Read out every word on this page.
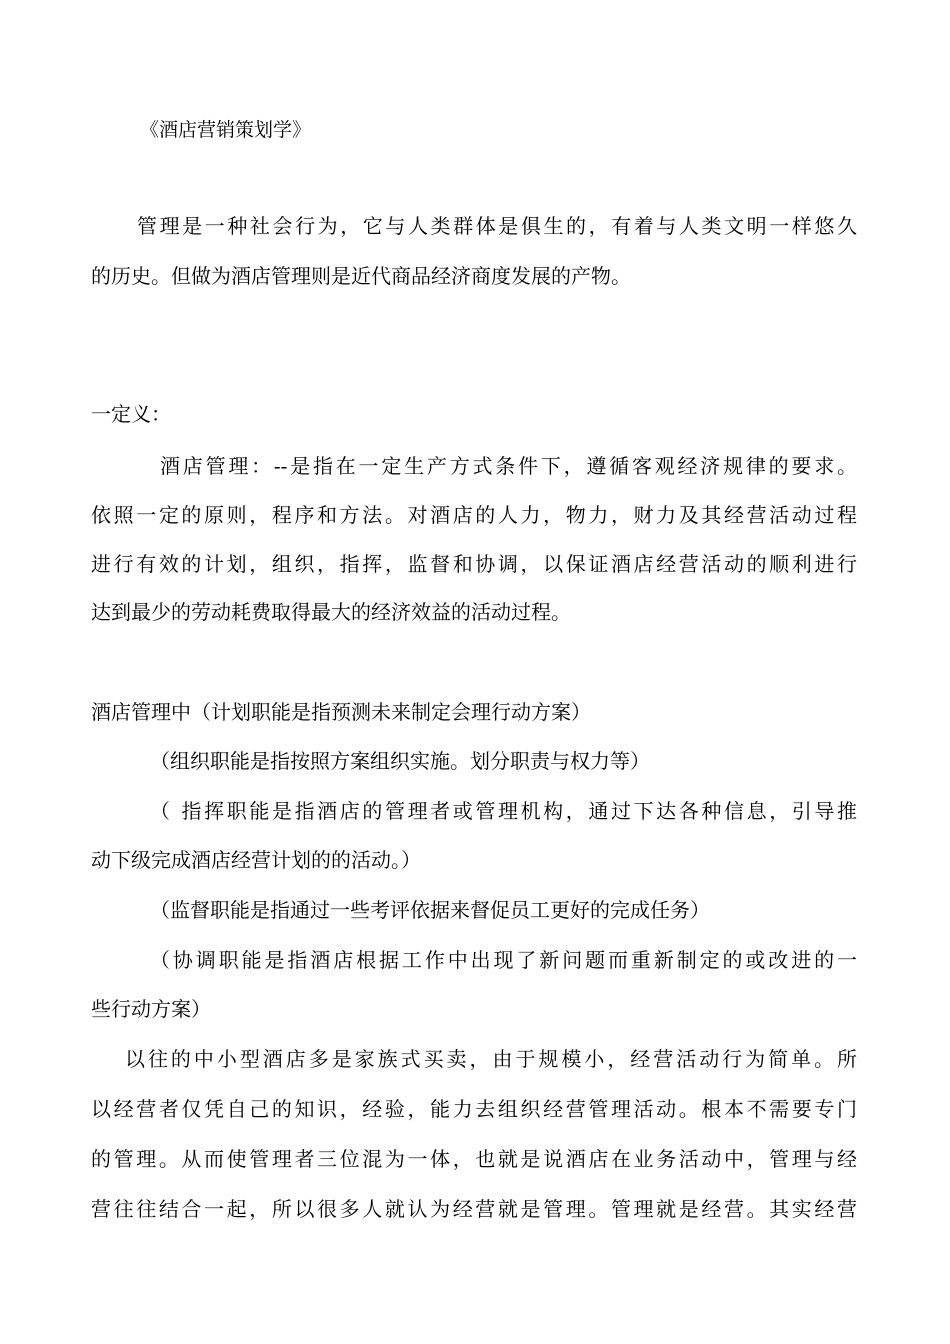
《酒店营销策划学》

管理是一种社会行为，它与人类群体是俱生的，有着与人类文明一样悠久

的历史。但做为酒店管理则是近代商品经济商度发展的产物。

一定义：

酒店管理：--是指在一定生产方式条件下，遵循客观经济规律的要求。

依照一定的原则，程序和方法。对酒店的人力，物力，财力及其经营活动过程

进行有效的计划，组织，指挥，监督和协调，以保证酒店经营活动的顺利进行

达到最少的劳动耗费取得最大的经济效益的活动过程。

酒店管理中（计划职能是指预测未来制定会理行动方案）

（组织职能是指按照方案组织实施。划分职责与权力等）

（ 指挥职能是指酒店的管理者或管理机构，通过下达各种信息，引导推

动下级完成酒店经营计划的的活动。）

（监督职能是指通过一些考评依据来督促员工更好的完成任务）

（协调职能是指酒店根据工作中出现了新问题而重新制定的或改进的一

些行动方案）

以往的中小型酒店多是家族式买卖，由于规模小，经营活动行为简单。所

以经营者仅凭自己的知识，经验，能力去组织经营管理活动。根本不需要专门

的管理。从而使管理者三位混为一体，也就是说酒店在业务活动中，管理与经

营往往结合一起，所以很多人就认为经营就是管理。管理就是经营。其实经营
